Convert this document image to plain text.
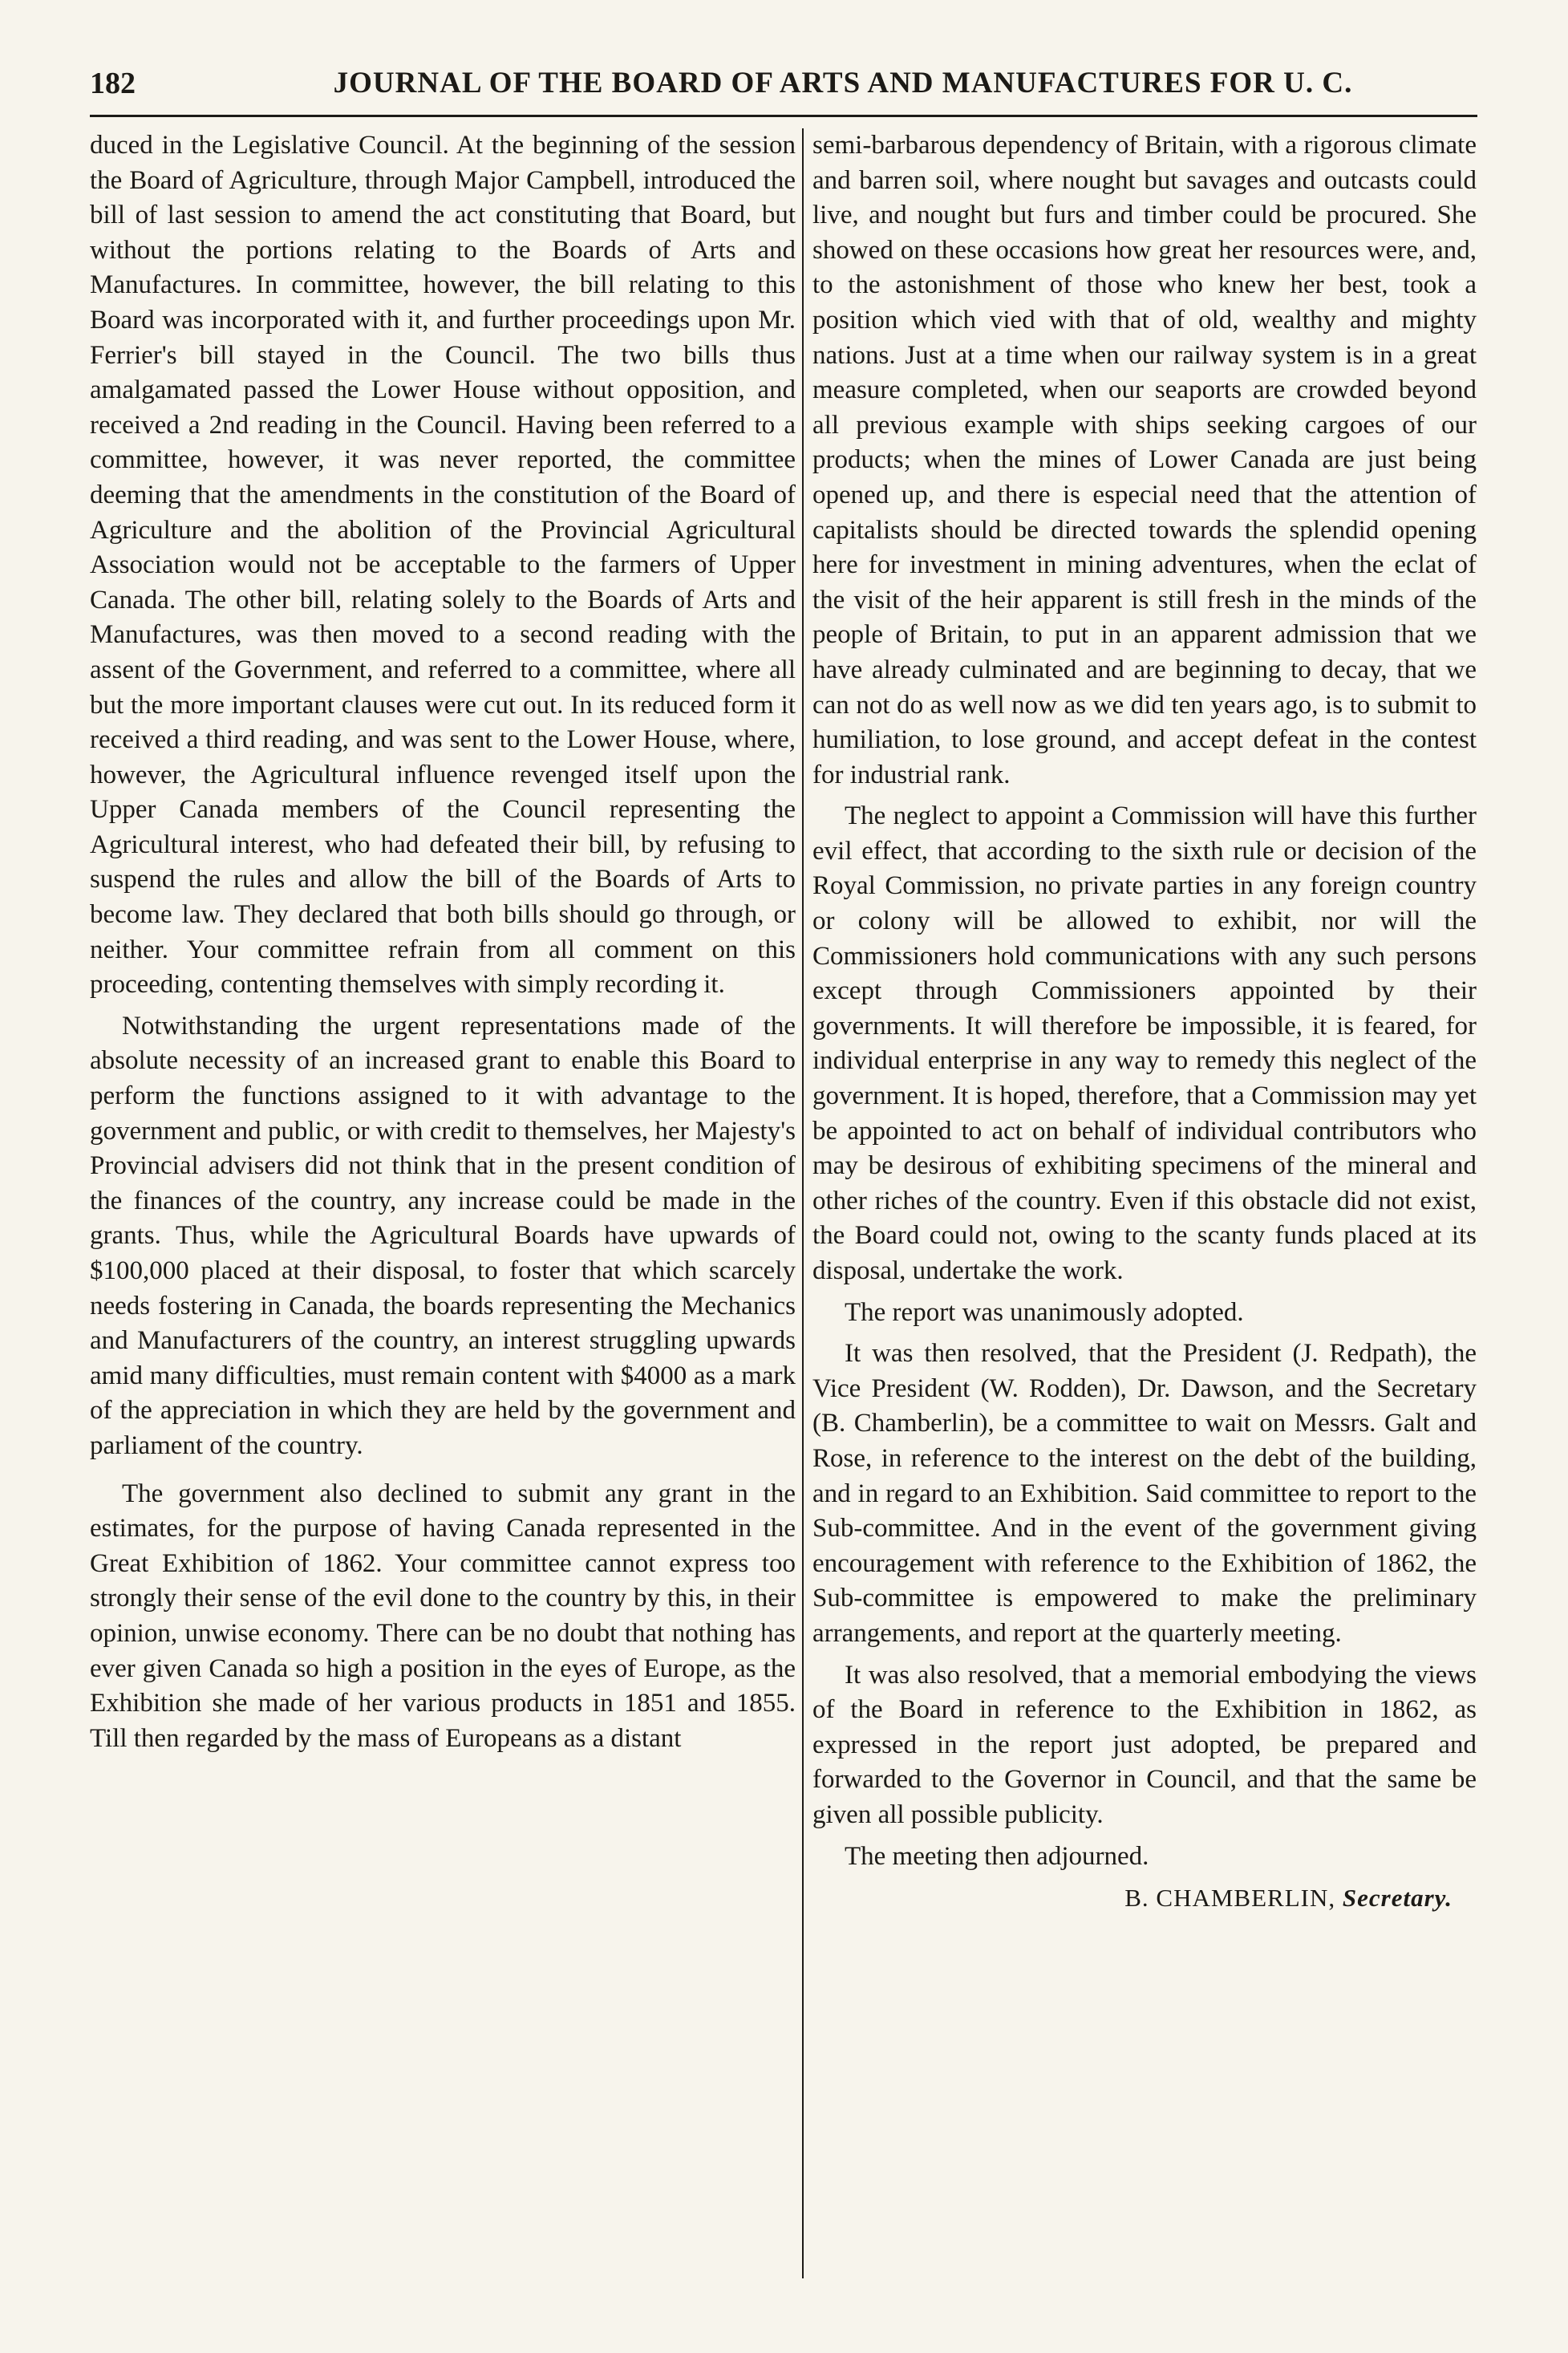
182	JOURNAL OF THE BOARD OF ARTS AND MANUFACTURES FOR U. C.

duced in the Legislative Council. At the beginning of the session the Board of Agriculture, through Major Campbell, introduced the bill of last session to amend the act constituting that Board, but without the portions relating to the Boards of Arts and Manufactures. In committee, however, the bill relating to this Board was incorporated with it, and further proceedings upon Mr. Ferrier's bill stayed in the Council. The two bills thus amalgamated passed the Lower House without opposition, and received a 2nd reading in the Council. Having been referred to a committee, however, it was never reported, the committee deeming that the amendments in the constitution of the Board of Agriculture and the abolition of the Provincial Agricultural Association would not be acceptable to the farmers of Upper Canada. The other bill, relating solely to the Boards of Arts and Manufactures, was then moved to a second reading with the assent of the Government, and referred to a committee, where all but the more important clauses were cut out. In its reduced form it received a third reading, and was sent to the Lower House, where, however, the Agricultural influence revenged itself upon the Upper Canada members of the Council representing the Agricultural interest, who had defeated their bill, by refusing to suspend the rules and allow the bill of the Boards of Arts to become law. They declared that both bills should go through, or neither. Your committee refrain from all comment on this proceeding, contenting themselves with simply recording it.

Notwithstanding the urgent representations made of the absolute necessity of an increased grant to enable this Board to perform the functions assigned to it with advantage to the government and public, or with credit to themselves, her Majesty's Provincial advisers did not think that in the present condition of the finances of the country, any increase could be made in the grants. Thus, while the Agricultural Boards have upwards of $100,000 placed at their disposal, to foster that which scarcely needs fostering in Canada, the boards representing the Mechanics and Manufacturers of the country, an interest struggling upwards amid many difficulties, must remain content with $4000 as a mark of the appreciation in which they are held by the government and parliament of the country.

The government also declined to submit any grant in the estimates, for the purpose of having Canada represented in the Great Exhibition of 1862. Your committee cannot express too strongly their sense of the evil done to the country by this, in their opinion, unwise economy. There can be no doubt that nothing has ever given Canada so high a position in the eyes of Europe, as the Exhibition she made of her various products in 1851 and 1855. Till then regarded by the mass of Europeans as a distant

semi-barbarous dependency of Britain, with a rigorous climate and barren soil, where nought but savages and outcasts could live, and nought but furs and timber could be procured. She showed on these occasions how great her resources were, and, to the astonishment of those who knew her best, took a position which vied with that of old, wealthy and mighty nations. Just at a time when our railway system is in a great measure completed, when our seaports are crowded beyond all previous example with ships seeking cargoes of our products; when the mines of Lower Canada are just being opened up, and there is especial need that the attention of capitalists should be directed towards the splendid opening here for investment in mining adventures, when the eclat of the visit of the heir apparent is still fresh in the minds of the people of Britain, to put in an apparent admission that we have already culminated and are beginning to decay, that we can not do as well now as we did ten years ago, is to submit to humiliation, to lose ground, and accept defeat in the contest for industrial rank.

The neglect to appoint a Commission will have this further evil effect, that according to the sixth rule or decision of the Royal Commission, no private parties in any foreign country or colony will be allowed to exhibit, nor will the Commissioners hold communications with any such persons except through Commissioners appointed by their governments. It will therefore be impossible, it is feared, for individual enterprise in any way to remedy this neglect of the government. It is hoped, therefore, that a Commission may yet be appointed to act on behalf of individual contributors who may be desirous of exhibiting specimens of the mineral and other riches of the country. Even if this obstacle did not exist, the Board could not, owing to the scanty funds placed at its disposal, undertake the work.

The report was unanimously adopted.

It was then resolved, that the President (J. Redpath), the Vice President (W. Rodden), Dr. Dawson, and the Secretary (B. Chamberlin), be a committee to wait on Messrs. Galt and Rose, in reference to the interest on the debt of the building, and in regard to an Exhibition. Said committee to report to the Sub-committee. And in the event of the government giving encouragement with reference to the Exhibition of 1862, the Sub-committee is empowered to make the preliminary arrangements, and report at the quarterly meeting.

It was also resolved, that a memorial embodying the views of the Board in reference to the Exhibition in 1862, as expressed in the report just adopted, be prepared and forwarded to the Governor in Council, and that the same be given all possible publicity.

The meeting then adjourned.

B. CHAMBERLIN, Secretary.
